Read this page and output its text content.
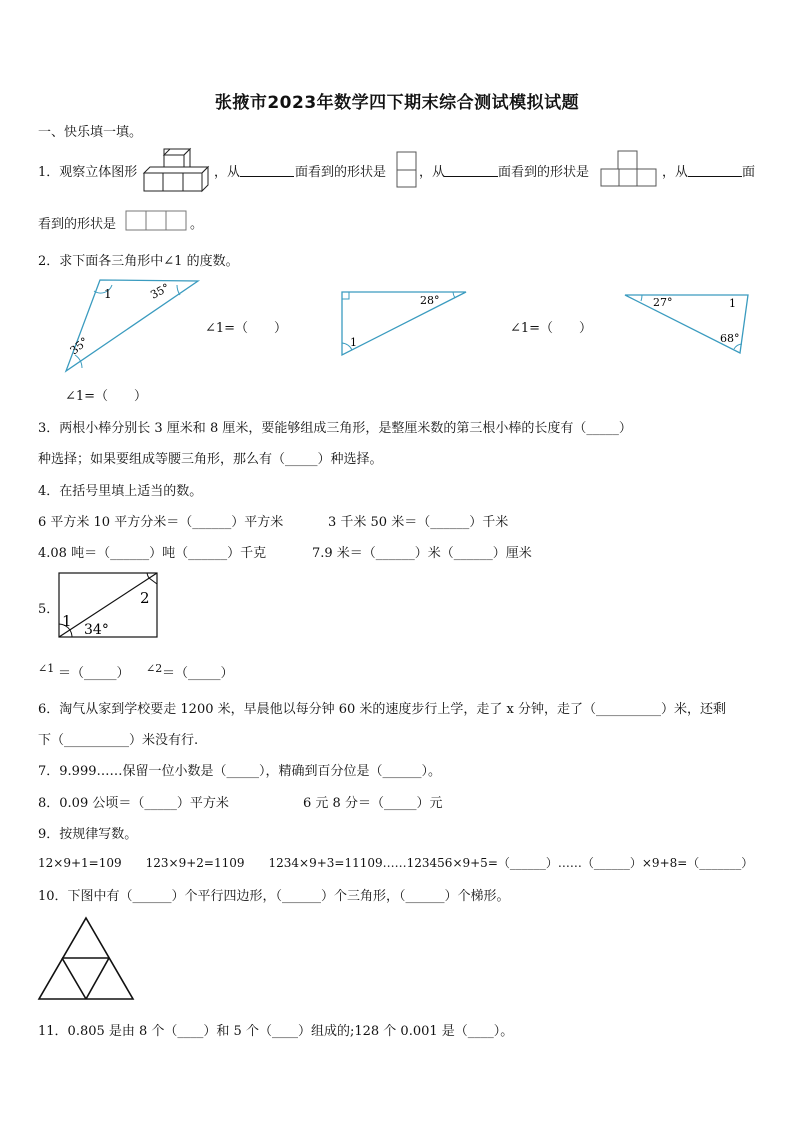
张掖市2023年数学四下期末综合测试模拟试题
一、快乐填一填。
1．观察立体图形	，从	面看到的形状是	，从	面看到的形状是	，从	面
看到的形状是	。
2．求下面各三角形中∠1 的度数。
1	35°
35°
∠1=（　　）
28°
1
∠1=（　　）
27°	1
68°
∠1=（　　）
3．两根小棒分别长 3 厘米和 8 厘米，要能够组成三角形，是整厘米数的第三根小棒的长度有（_____）
种选择；如果要组成等腰三角形，那么有（_____）种选择。
4．在括号里填上适当的数。
6 平方米 10 平方分米＝（______）平方米	3 千米 50 米＝（______）千米
4.08 吨＝（______）吨（______）千克	7.9 米＝（______）米（______）厘米
5．
1
2
34°
∠1 ＝（_____） ∠2 ＝（_____）
6．淘气从家到学校要走 1200 米，早晨他以每分钟 60 米的速度步行上学，走了 x 分钟，走了（__________）米，还剩
下（__________）米没有行.
7．9.999……保留一位小数是（_____），精确到百分位是（______）。
8．0.09 公顷＝（_____）平方米	6 元 8 分＝（_____）元
9．按规律写数。
12×9+1=109　　123×9+2=1109　　1234×9+3=11109……123456×9+5=（______）……（______）×9+8=（_______）
10．下图中有（______）个平行四边形，（______）个三角形，（______）个梯形。
11．0.805 是由 8 个（____）和 5 个（____）组成的;128 个 0.001 是（____）。
